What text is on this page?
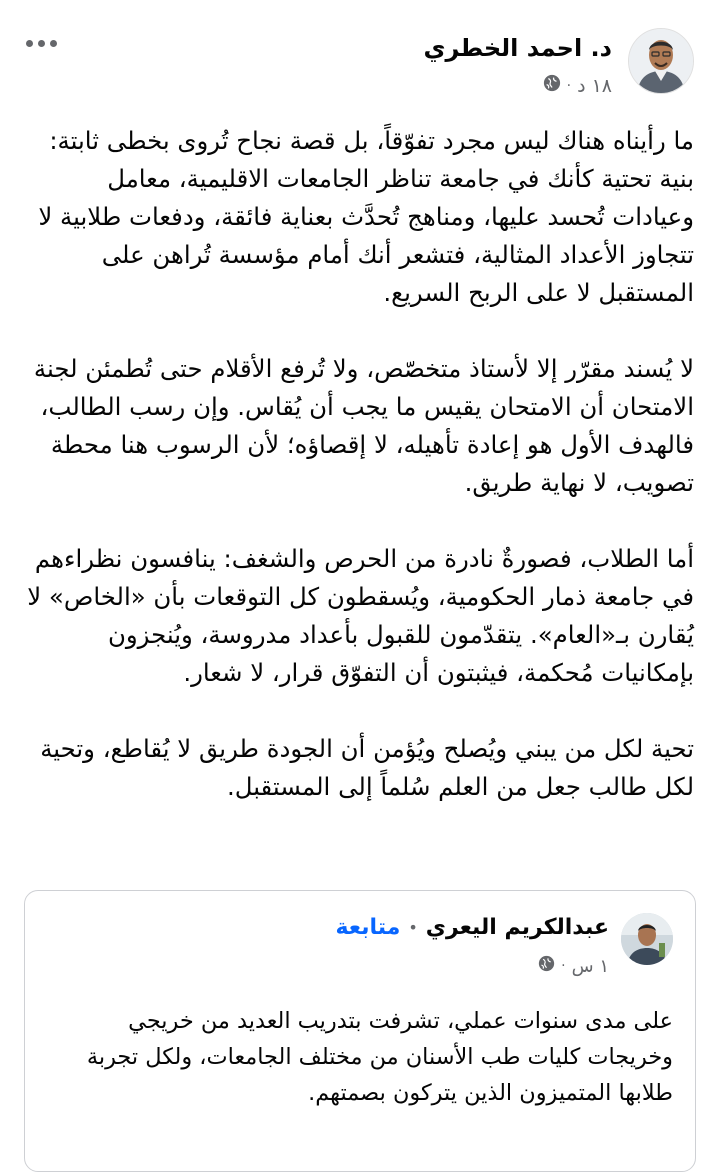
د. احمد الخطري
١٨ د
·

ما رأيناه هناك ليس مجرد تفوّقاً، بل قصة نجاح تُروى بخطى ثابتة: بنية تحتية كأنك في جامعة تناظر الجامعات الاقليمية، معامل وعيادات تُحسد عليها، ومناهج تُحدَّث بعناية فائقة، ودفعات طلابية لا تتجاوز الأعداد المثالية، فتشعر أنك أمام مؤسسة تُراهن على المستقبل لا على الربح السريع.

لا يُسند مقرّر إلا لأستاذ متخصّص، ولا تُرفع الأقلام حتى تُطمئن لجنة الامتحان أن الامتحان يقيس ما يجب أن يُقاس. وإن رسب الطالب، فالهدف الأول هو إعادة تأهيله، لا إقصاؤه؛ لأن الرسوب هنا محطة تصويب، لا نهاية طريق.

أما الطلاب، فصورةٌ نادرة من الحرص والشغف: ينافسون نظراءهم في جامعة ذمار الحكومية، ويُسقطون كل التوقعات بأن «الخاص» لا يُقارن بـ«العام». يتقدّمون للقبول بأعداد مدروسة، ويُنجزون بإمكانيات مُحكمة، فيثبتون أن التفوّق قرار، لا شعار.

تحية لكل من يبني ويُصلح ويُؤمن أن الجودة طريق لا يُقاطع، وتحية لكل طالب جعل من العلم سُلماً إلى المستقبل.

عبدالكريم اليعري
•
متابعة
١ س
·
على مدى سنوات عملي، تشرفت بتدريب العديد من خريجي وخريجات كليات طب الأسنان من مختلف الجامعات، ولكل تجربة طلابها المتميزون الذين يتركون بصمتهم.
